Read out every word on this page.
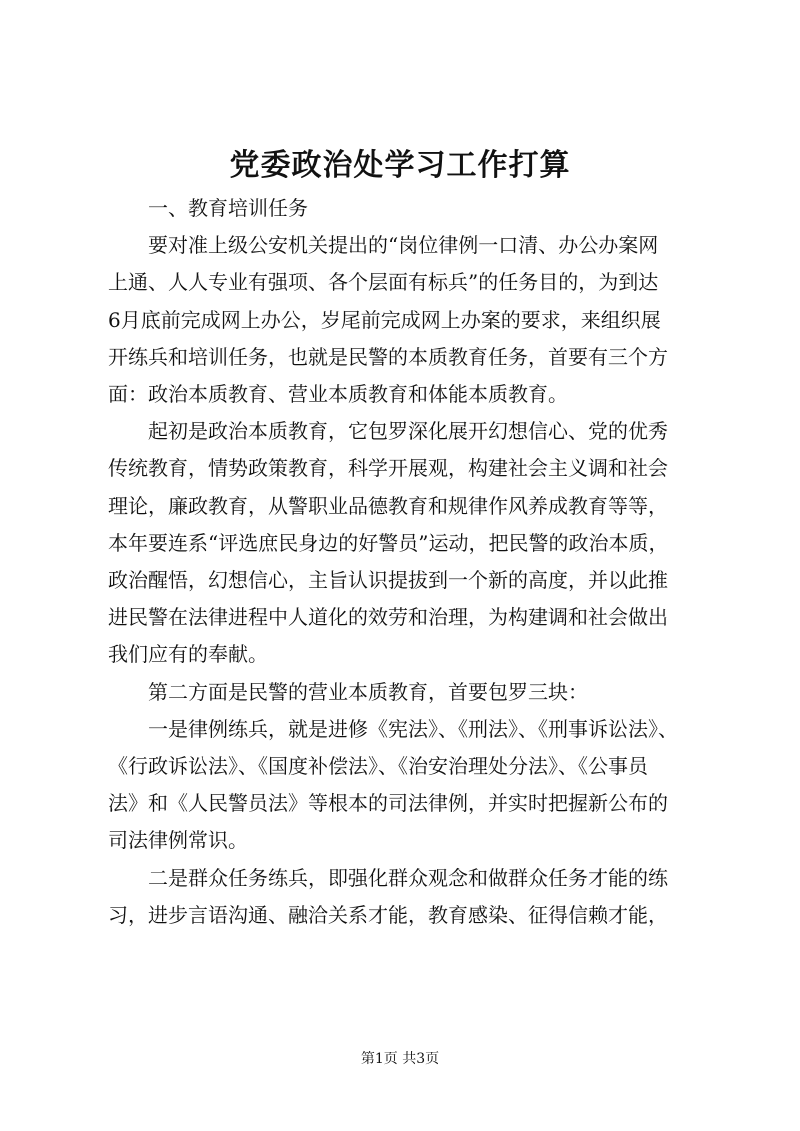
党委政治处学习工作打算
　　一、教育培训任务
　　要对准上级公安机关提出的“岗位律例一口清、办公办案网
上通、人人专业有强项、各个层面有标兵”的任务目的，为到达
6月底前完成网上办公，岁尾前完成网上办案的要求，来组织展
开练兵和培训任务，也就是民警的本质教育任务，首要有三个方
面：政治本质教育、营业本质教育和体能本质教育。
　　起初是政治本质教育，它包罗深化展开幻想信心、党的优秀
传统教育，情势政策教育，科学开展观，构建社会主义调和社会
理论，廉政教育，从警职业品德教育和规律作风养成教育等等，
本年要连系“评选庶民身边的好警员”运动，把民警的政治本质，
政治醒悟，幻想信心，主旨认识提拔到一个新的高度，并以此推
进民警在法律进程中人道化的效劳和治理，为构建调和社会做出
我们应有的奉献。
　　第二方面是民警的营业本质教育，首要包罗三块：
　　一是律例练兵，就是进修《宪法》、《刑法》、《刑事诉讼法》、
《行政诉讼法》、《国度补偿法》、《治安治理处分法》、《公事员
法》和《人民警员法》等根本的司法律例，并实时把握新公布的
司法律例常识。
　　二是群众任务练兵，即强化群众观念和做群众任务才能的练
习，进步言语沟通、融洽关系才能，教育感染、征得信赖才能，
第1页 共3页
